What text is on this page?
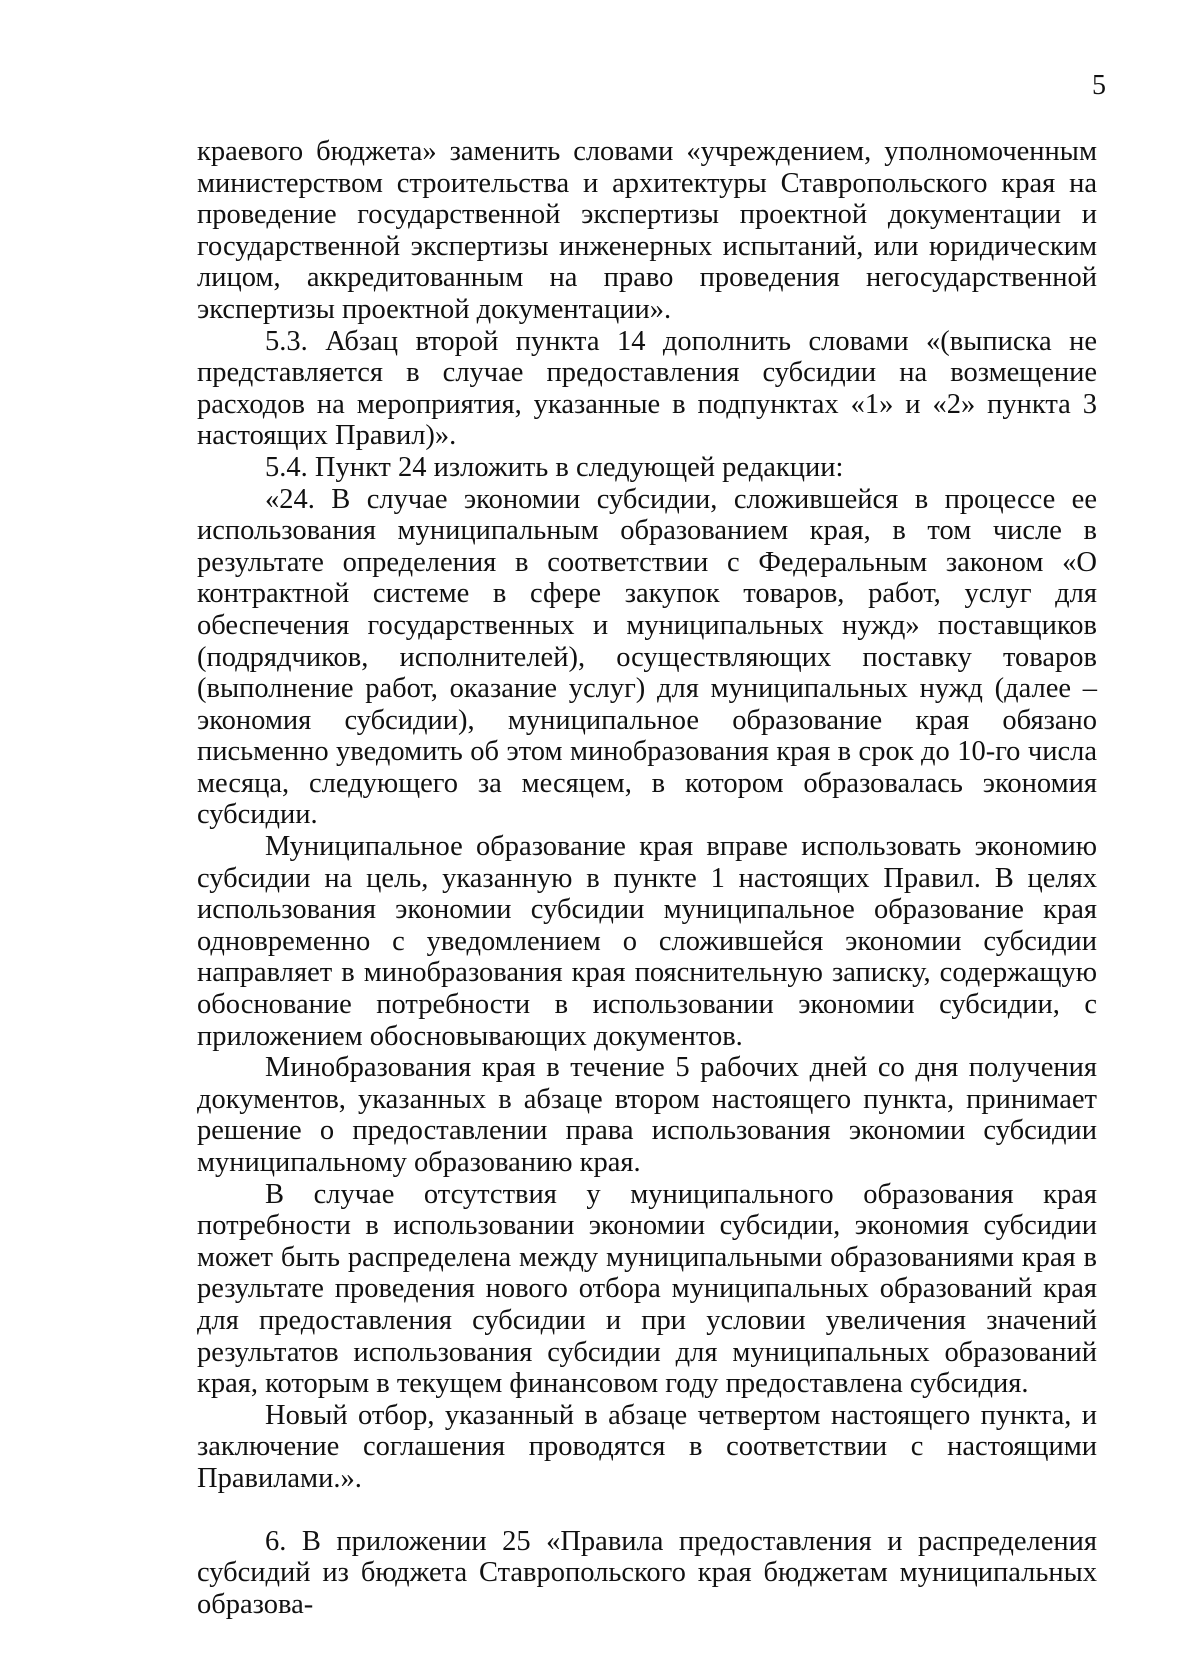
5

краевого бюджета» заменить словами «учреждением, уполномоченным министерством строительства и архитектуры Ставропольского края на проведение государственной экспертизы проектной документации и государственной экспертизы инженерных испытаний, или юридическим лицом, аккредитованным на право проведения негосударственной экспертизы проектной документации».

5.3. Абзац второй пункта 14 дополнить словами «(выписка не представляется в случае предоставления субсидии на возмещение расходов на мероприятия, указанные в подпунктах «1» и «2» пункта 3 настоящих Правил)».

5.4. Пункт 24 изложить в следующей редакции:

«24. В случае экономии субсидии, сложившейся в процессе ее использования муниципальным образованием края, в том числе в результате определения в соответствии с Федеральным законом «О контрактной системе в сфере закупок товаров, работ, услуг для обеспечения государственных и муниципальных нужд» поставщиков (подрядчиков, исполнителей), осуществляющих поставку товаров (выполнение работ, оказание услуг) для муниципальных нужд (далее – экономия субсидии), муниципальное образование края обязано письменно уведомить об этом минобразования края в срок до 10-го числа месяца, следующего за месяцем, в котором образовалась экономия субсидии.

Муниципальное образование края вправе использовать экономию субсидии на цель, указанную в пункте 1 настоящих Правил. В целях использования экономии субсидии муниципальное образование края одновременно с уведомлением о сложившейся экономии субсидии направляет в минобразования края пояснительную записку, содержащую обоснование потребности в использовании экономии субсидии, с приложением обосновывающих документов.

Минобразования края в течение 5 рабочих дней со дня получения документов, указанных в абзаце втором настоящего пункта, принимает решение о предоставлении права использования экономии субсидии муниципальному образованию края.

В случае отсутствия у муниципального образования края потребности в использовании экономии субсидии, экономия субсидии может быть распределена между муниципальными образованиями края в результате проведения нового отбора муниципальных образований края для предоставления субсидии и при условии увеличения значений результатов использования субсидии для муниципальных образований края, которым в текущем финансовом году предоставлена субсидия.

Новый отбор, указанный в абзаце четвертом настоящего пункта, и заключение соглашения проводятся в соответствии с настоящими Правилами.».

6. В приложении 25 «Правила предоставления и распределения субсидий из бюджета Ставропольского края бюджетам муниципальных образова-
